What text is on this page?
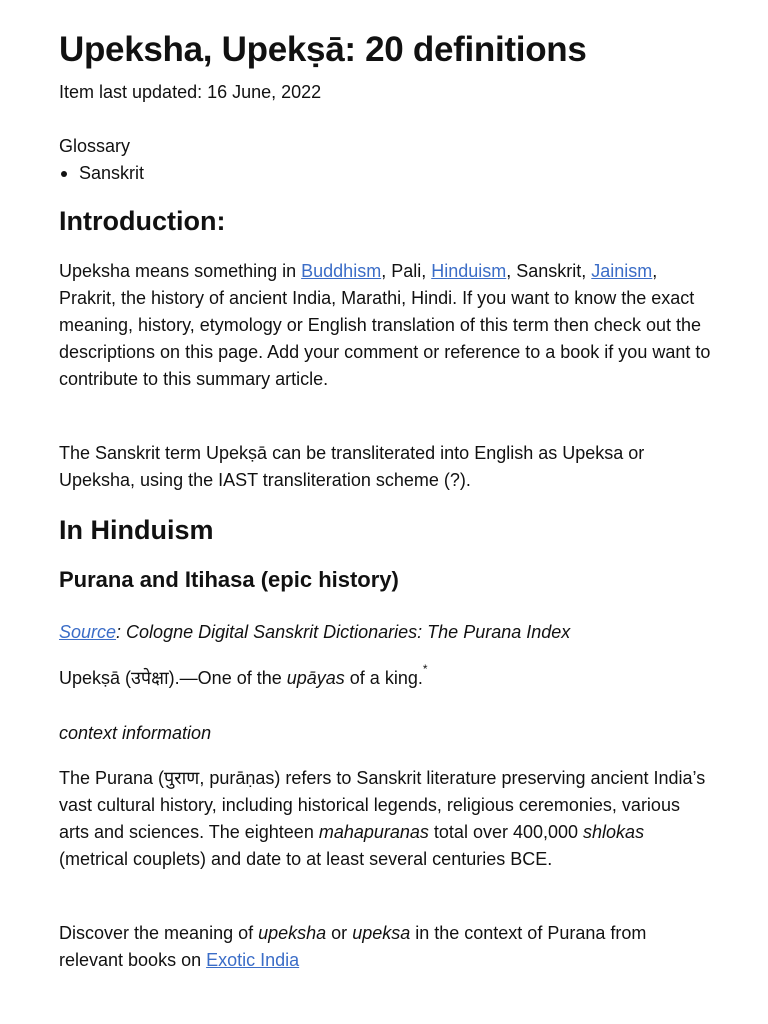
Upeksha, Upekṣā: 20 definitions
Item last updated: 16 June, 2022
Glossary
Sanskrit
Introduction:

Upeksha means something in Buddhism, Pali, Hinduism, Sanskrit, Jainism, Prakrit, the history of ancient India, Marathi, Hindi. If you want to know the exact meaning, history, etymology or English translation of this term then check out the descriptions on this page. Add your comment or reference to a book if you want to contribute to this summary article.

The Sanskrit term Upekṣā can be transliterated into English as Upeksa or Upeksha, using the IAST transliteration scheme (?).

In Hinduism
Purana and Itihasa (epic history)

Source: Cologne Digital Sanskrit Dictionaries: The Purana Index

Upekṣā (उपेक्षा).—One of the upāyas of a king.*

context information

The Purana (पुराण, purāṇas) refers to Sanskrit literature preserving ancient India’s vast cultural history, including historical legends, religious ceremonies, various arts and sciences. The eighteen mahapuranas total over 400,000 shlokas (metrical couplets) and date to at least several centuries BCE.

Discover the meaning of upeksha or upeksa in the context of Purana from relevant books on Exotic India
